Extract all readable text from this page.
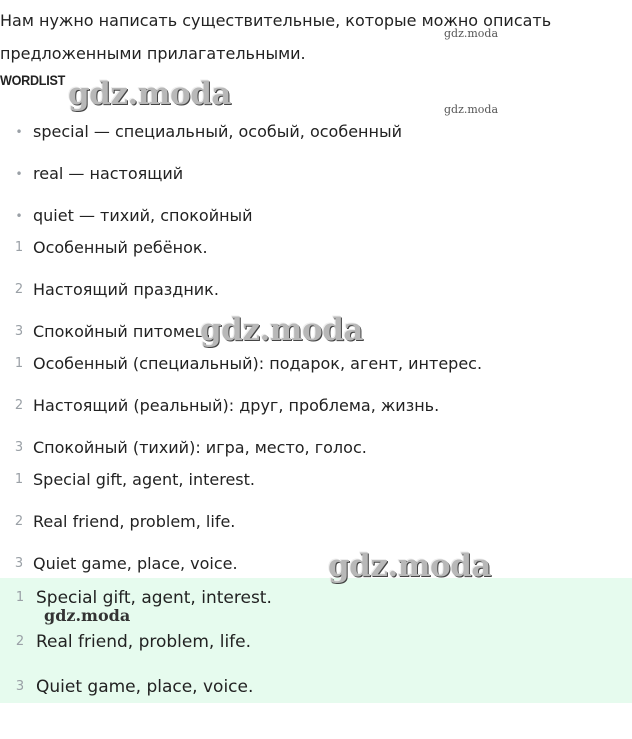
Нам нужно написать существительные, которые можно описать предложенными прилагательными.

WORDLIST
• special — специальный, особый, особенный
• real — настоящий
• quiet — тихий, спокойный
1 Особенный ребёнок.
2 Настоящий праздник.
3 Спокойный питомец.
1 Особенный (специальный): подарок, агент, интерес.
2 Настоящий (реальный): друг, проблема, жизнь.
3 Спокойный (тихий): игра, место, голос.
1 Special gift, agent, interest.
2 Real friend, problem, life.
3 Quiet game, place, voice.
1 Special gift, agent, interest.
2 Real friend, problem, life.
3 Quiet game, place, voice.
gdz.moda
gdz.moda
gdz.moda
gdz.moda
gdz.moda
gdz.moda
